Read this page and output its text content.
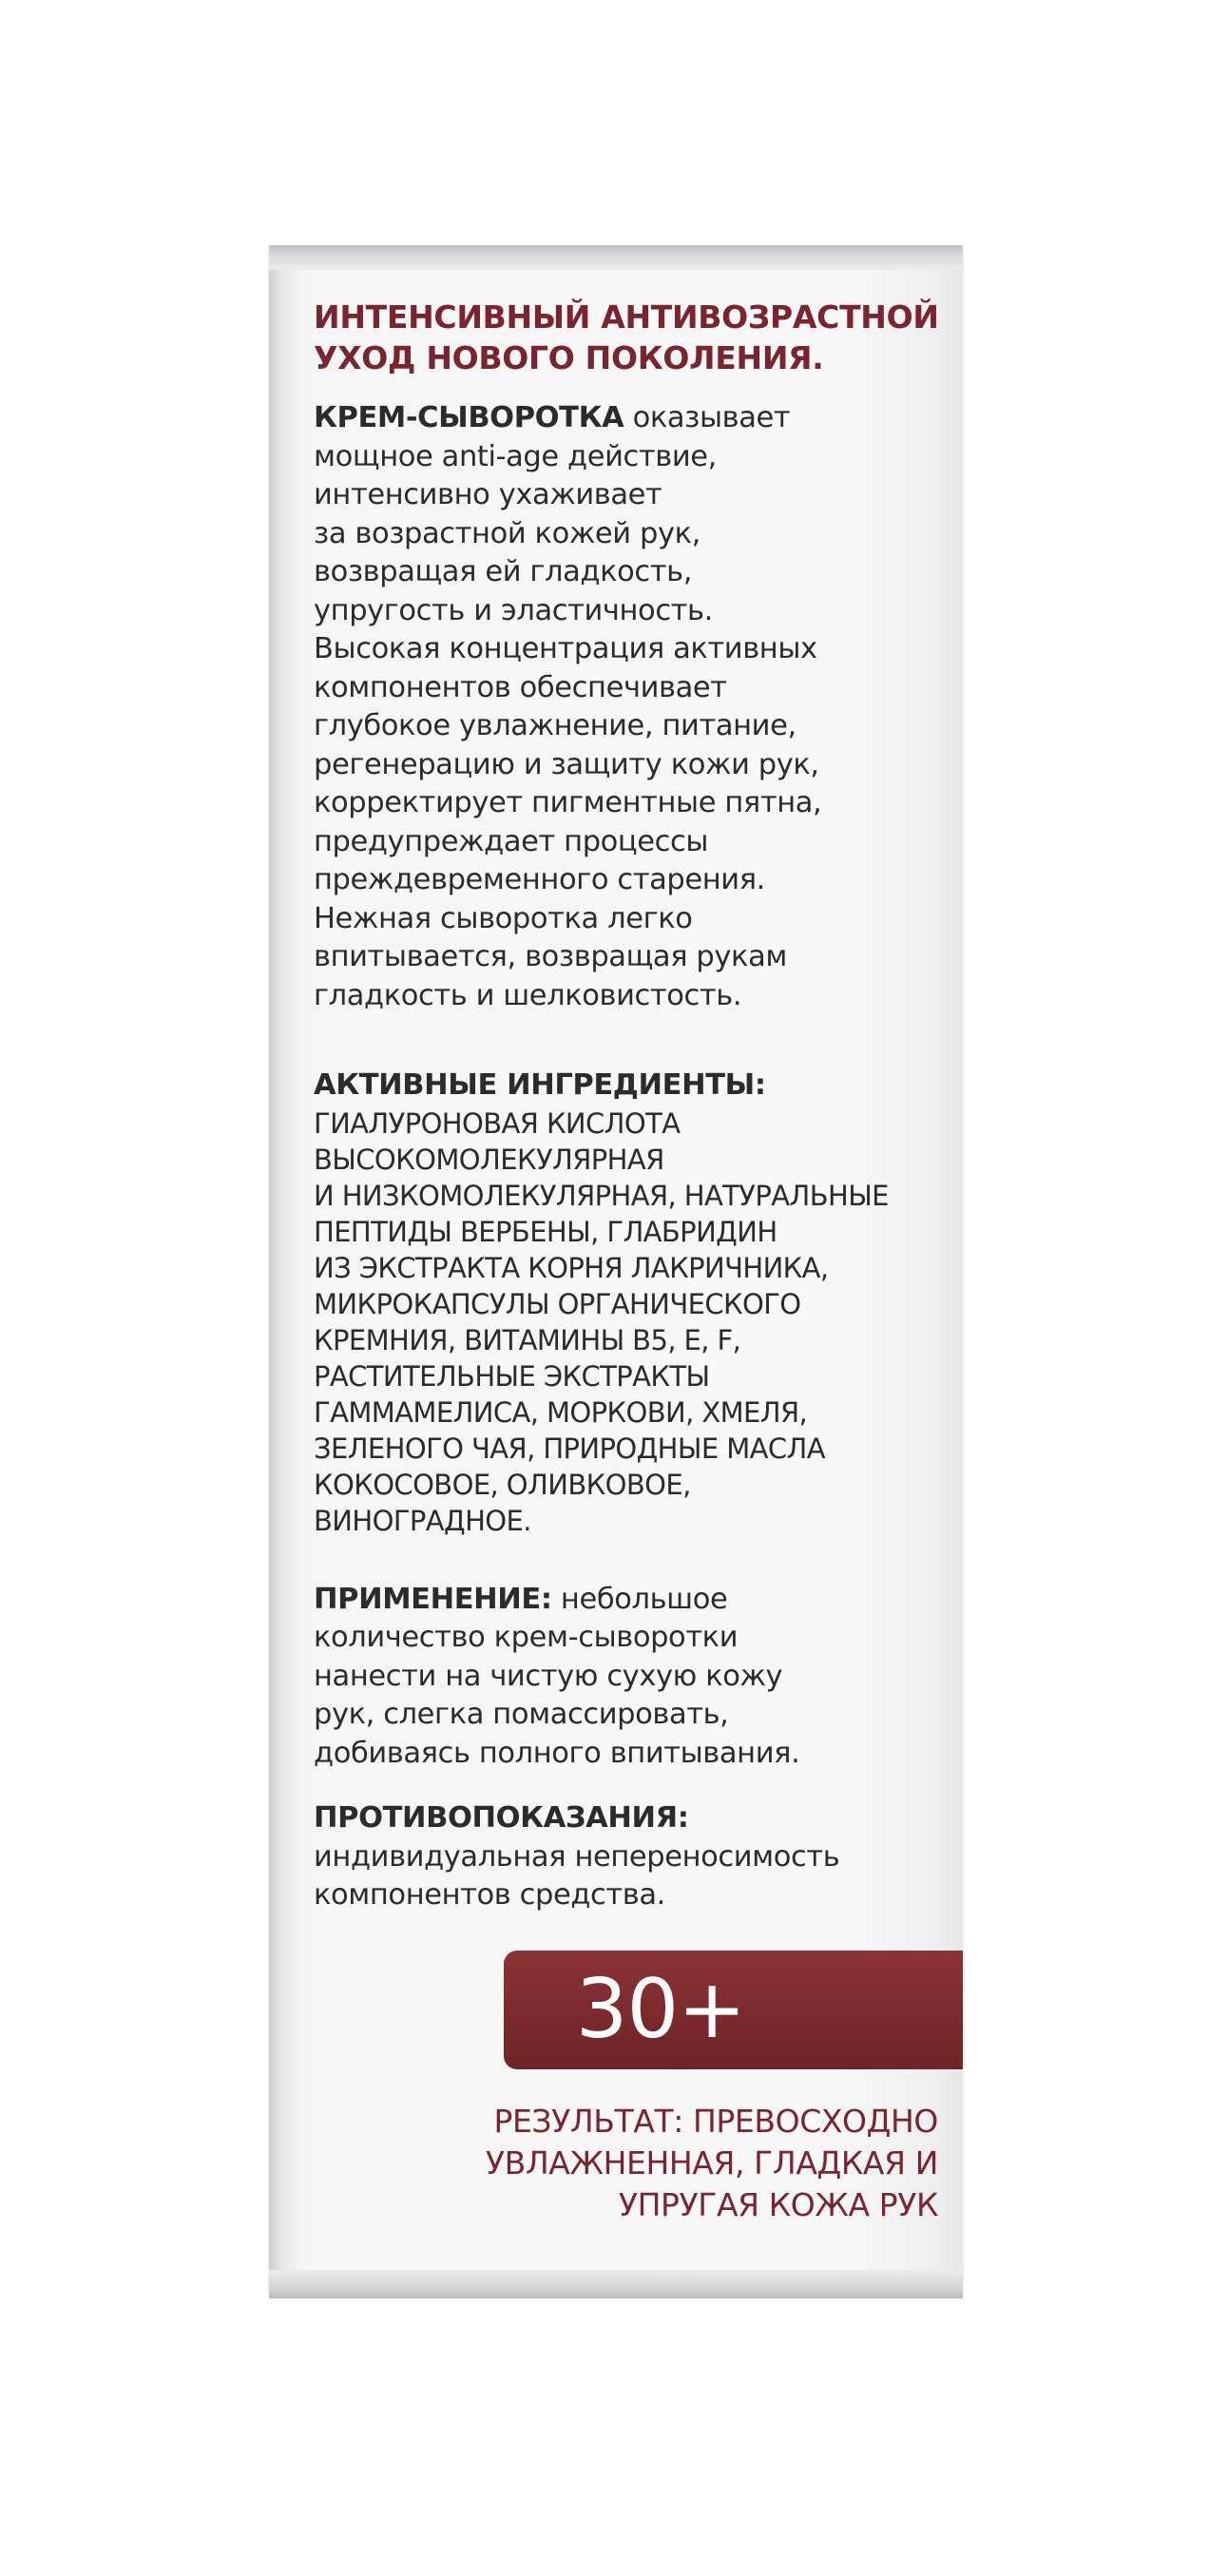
ИНТЕНСИВНЫЙ АНТИВОЗРАСТНОЙ
УХОД НОВОГО ПОКОЛЕНИЯ.
КРЕМ-СЫВОРОТКА оказывает
мощное anti-age действие,
интенсивно ухаживает
за возрастной кожей рук,
возвращая ей гладкость,
упругость и эластичность.
Высокая концентрация активных
компонентов обеспечивает
глубокое увлажнение, питание,
регенерацию и защиту кожи рук,
корректирует пигментные пятна,
предупреждает процессы
преждевременного старения.
Нежная сыворотка легко
впитывается, возвращая рукам
гладкость и шелковистость.
АКТИВНЫЕ ИНГРЕДИЕНТЫ:
ГИАЛУРОНОВАЯ КИСЛОТА
ВЫСОКОМОЛЕКУЛЯРНАЯ
И НИЗКОМОЛЕКУЛЯРНАЯ, НАТУРАЛЬНЫЕ
ПЕПТИДЫ ВЕРБЕНЫ, ГЛАБРИДИН
ИЗ ЭКСТРАКТА КОРНЯ ЛАКРИЧНИКА,
МИКРОКАПСУЛЫ ОРГАНИЧЕСКОГО
КРЕМНИЯ, ВИТАМИНЫ В5, Е, F,
РАСТИТЕЛЬНЫЕ ЭКСТРАКТЫ
ГАММАМЕЛИСА, МОРКОВИ, ХМЕЛЯ,
ЗЕЛЕНОГО ЧАЯ, ПРИРОДНЫЕ МАСЛА
КОКОСОВОЕ, ОЛИВКОВОЕ,
ВИНОГРАДНОЕ.
ПРИМЕНЕНИЕ: небольшое
количество крем-сыворотки
нанести на чистую сухую кожу
рук, слегка помассировать,
добиваясь полного впитывания.
ПРОТИВОПОКАЗАНИЯ:
индивидуальная непереносимость
компонентов средства.
30+
РЕЗУЛЬТАТ: ПРЕВОСХОДНО
УВЛАЖНЕННАЯ, ГЛАДКАЯ И
УПРУГАЯ КОЖА РУК
